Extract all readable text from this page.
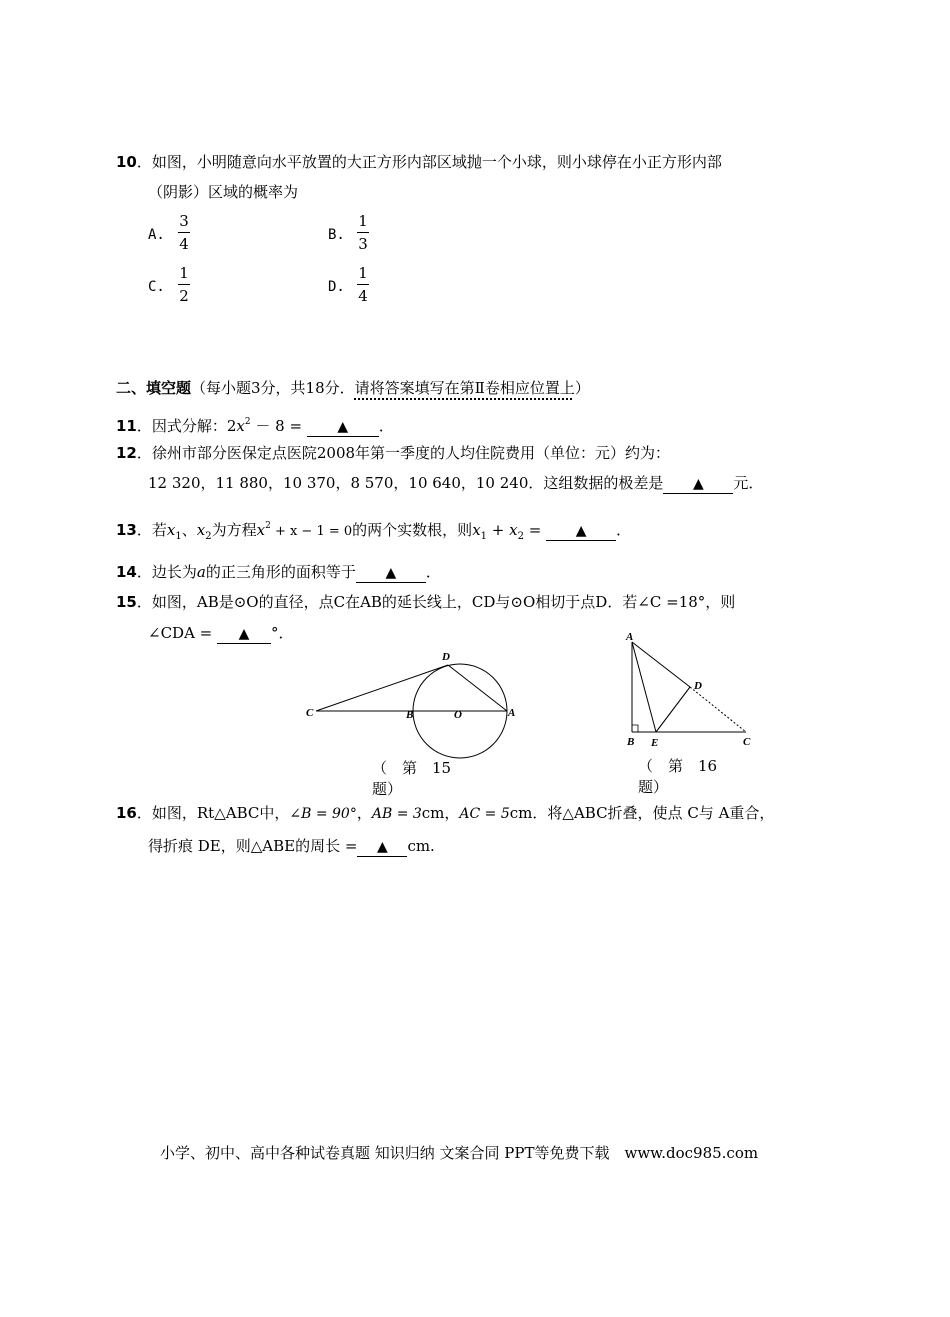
10．如图，小明随意向水平放置的大正方形内部区域抛一个小球，则小球停在小正方形内部
（阴影）区域的概率为
A.
3
4	B.
1
3
C.
1
2	D.
1
4
二、填空题（每小题3分，共18分．请将答案填写在第Ⅱ卷相应位置上）
11．因式分解：$2x^2 - 8$ = ▲ ．
12．徐州市部分医保定点医院2008年第一季度的人均住院费用（单位：元）约为：
12 320，11 880，10 370，8 570，10 640，10 240．这组数据的极差是 ▲ 元．
13．若$x_1$、$x_2$为方程$x^2 + x - 1 = 0$的两个实数根，则$x_1 + x_2$ = ▲ ．
14．边长为a的正三角形的面积等于 ▲ ．
15．如图，AB是⊙O的直径，点C在AB的延长线上，CD与⊙O相切于点D．若∠C =18°，则
∠CDA = ▲ °．
C	B	O	A
D
（　第　15
题）
A
B E	C
D
（　第　16
题）
16．如图，Rt△ABC中，∠B = 90°，AB = 3cm，AC = 5cm．将△ABC折叠，使点 C与 A重合，
得折痕 DE，则△ABE的周长 = ▲ cm.
小学、初中、高中各种试卷真题 知识归纳 文案合同 PPT等免费下载　www.doc985.com
